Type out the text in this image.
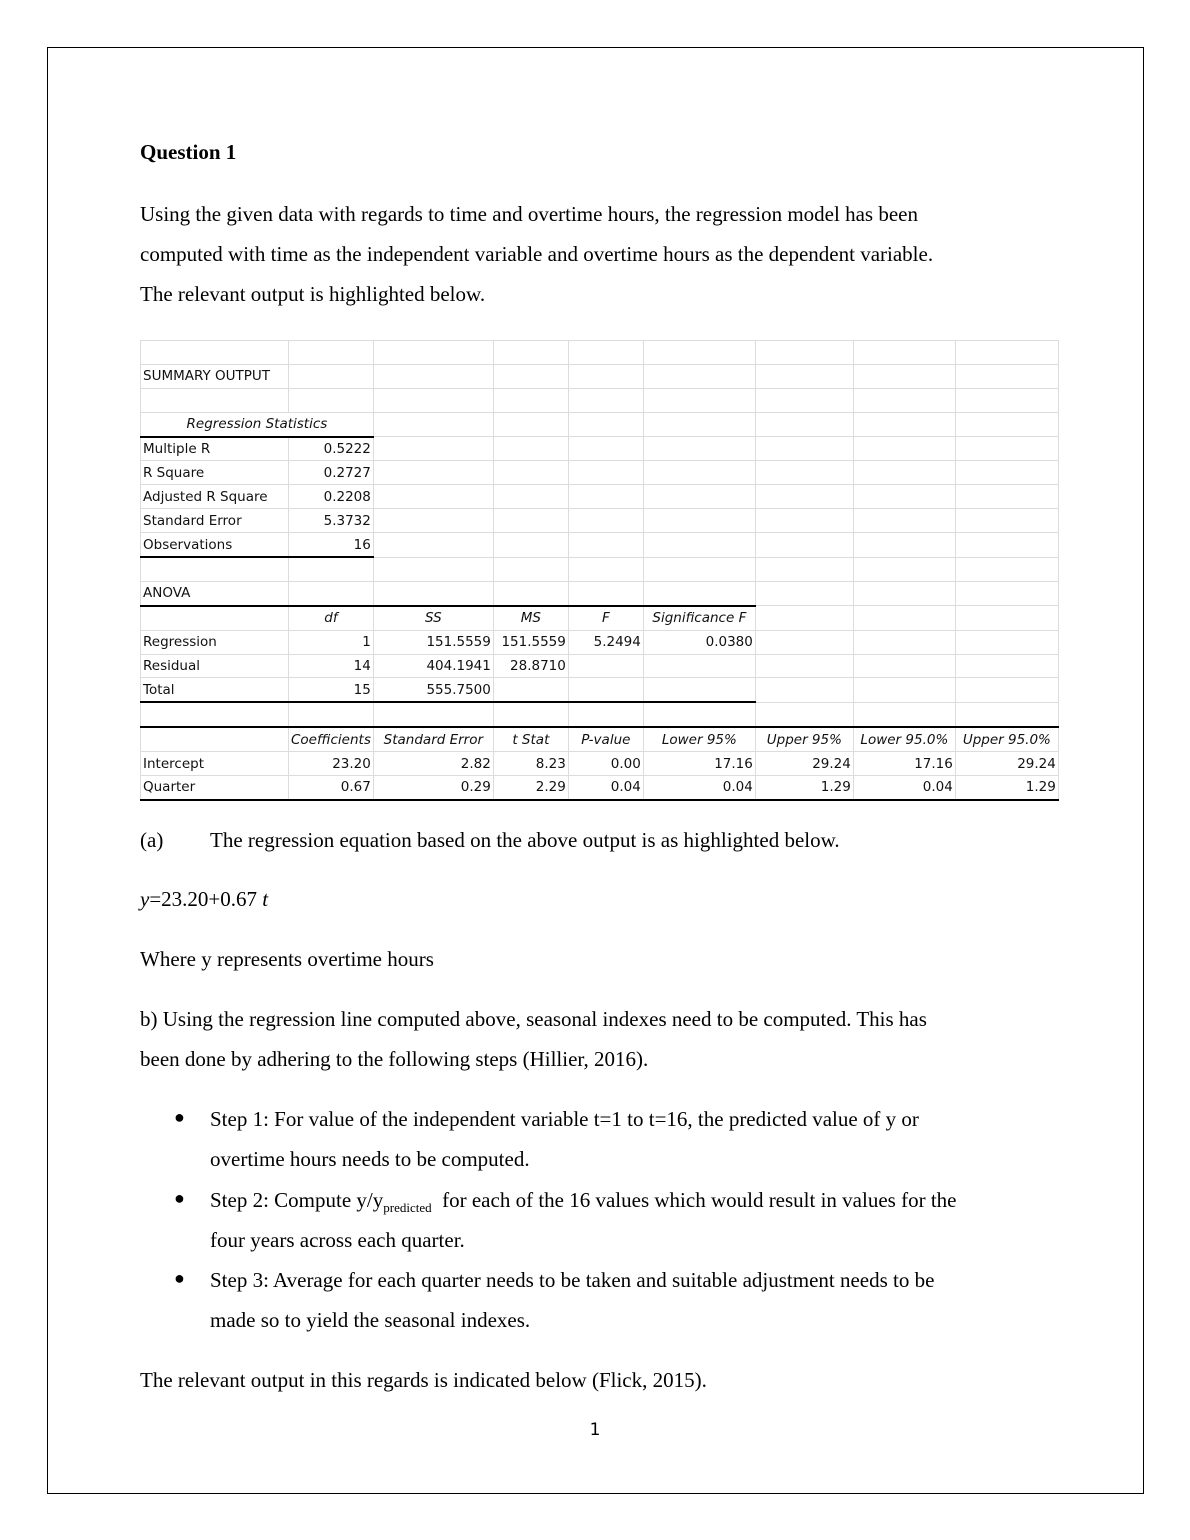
Question 1
Using the given data with regards to time and overtime hours, the regression model has been
computed with time as the independent variable and overtime hours as the dependent variable.
The relevant output is highlighted below.

SUMMARY OUTPUT								

Regression Statistics								
Multiple R	0.5222							
R Square	0.2727							
Adjusted R Square	0.2208							
Standard Error	5.3732							
Observations	16							

ANOVA								
	df	SS	MS	F	Significance F			
Regression	1	151.5559	151.5559	5.2494	0.0380			
Residual	14	404.1941	28.8710					
Total	15	555.7500						

	Coefficients	Standard Error	t Stat	P-value	Lower 95%	Upper 95%	Lower 95.0%	Upper 95.0%
Intercept	23.20	2.82	8.23	0.00	17.16	29.24	17.16	29.24
Quarter	0.67	0.29	2.29	0.04	0.04	1.29	0.04	1.29
(a) The regression equation based on the above output is as highlighted below.
y=23.20+0.67 t
Where y represents overtime hours
b) Using the regression line computed above, seasonal indexes need to be computed. This has
been done by adhering to the following steps (Hillier, 2016).
● Step 1: For value of the independent variable t=1 to t=16, the predicted value of y or
overtime hours needs to be computed.
● Step 2: Compute $y/y_{predicted}$  for each of the 16 values which would result in values for the
four years across each quarter.
● Step 3: Average for each quarter needs to be taken and suitable adjustment needs to be
made so to yield the seasonal indexes.
The relevant output in this regards is indicated below (Flick, 2015).
1
